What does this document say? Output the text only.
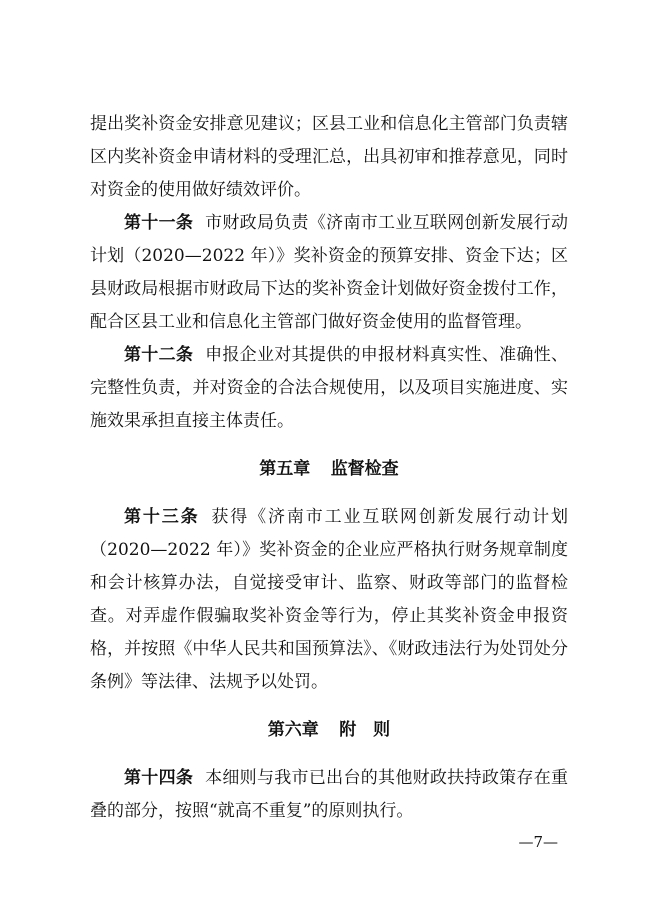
提出奖补资金安排意见建议；区县工业和信息化主管部门负责辖区内奖补资金申请材料的受理汇总，出具初审和推荐意见，同时对资金的使用做好绩效评价。

第十一条 市财政局负责《济南市工业互联网创新发展行动计划（2020—2022 年）》奖补资金的预算安排、资金下达；区县财政局根据市财政局下达的奖补资金计划做好资金拨付工作，配合区县工业和信息化主管部门做好资金使用的监督管理。

第十二条 申报企业对其提供的申报材料真实性、准确性、完整性负责，并对资金的合法合规使用，以及项目实施进度、实施效果承担直接主体责任。

第五章 监督检查

第十三条 获得《济南市工业互联网创新发展行动计划（2020—2022 年）》奖补资金的企业应严格执行财务规章制度和会计核算办法，自觉接受审计、监察、财政等部门的监督检查。对弄虚作假骗取奖补资金等行为，停止其奖补资金申报资格，并按照《中华人民共和国预算法》、《财政违法行为处罚处分条例》等法律、法规予以处罚。

第六章 附　则

第十四条 本细则与我市已出台的其他财政扶持政策存在重叠的部分，按照“就高不重复”的原则执行。

—7—
